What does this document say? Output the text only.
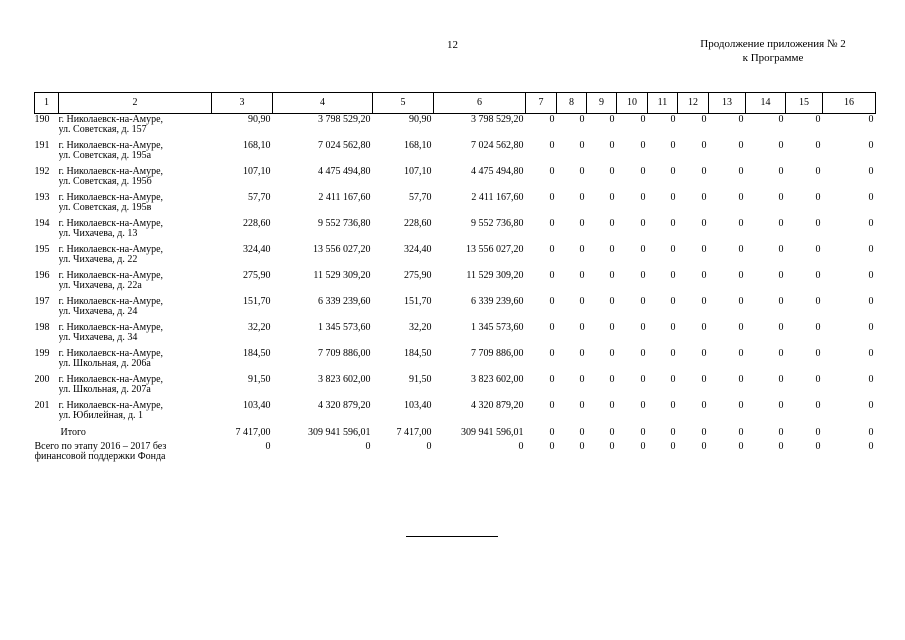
12	Продолжение приложения № 2
к Программе
1	2	3	4	5	6	7	8	9	10	11	12	13	14	15	16
190	г. Николаевск-на-Амуре,
ул. Советская, д. 157	90,90	3 798 529,20	90,90	3 798 529,20	0	0	0	0	0	0	0	0	0	0
191	г. Николаевск-на-Амуре,
ул. Советская, д. 195а	168,10	7 024 562,80	168,10	7 024 562,80	0	0	0	0	0	0	0	0	0	0
192	г. Николаевск-на-Амуре,
ул. Советская, д. 195б	107,10	4 475 494,80	107,10	4 475 494,80	0	0	0	0	0	0	0	0	0	0
193	г. Николаевск-на-Амуре,
ул. Советская, д. 195в	57,70	2 411 167,60	57,70	2 411 167,60	0	0	0	0	0	0	0	0	0	0
194	г. Николаевск-на-Амуре,
ул. Чихачева, д. 13	228,60	9 552 736,80	228,60	9 552 736,80	0	0	0	0	0	0	0	0	0	0
195	г. Николаевск-на-Амуре,
ул. Чихачева, д. 22	324,40	13 556 027,20	324,40	13 556 027,20	0	0	0	0	0	0	0	0	0	0
196	г. Николаевск-на-Амуре,
ул. Чихачева, д. 22а	275,90	11 529 309,20	275,90	11 529 309,20	0	0	0	0	0	0	0	0	0	0
197	г. Николаевск-на-Амуре,
ул. Чихачева, д. 24	151,70	6 339 239,60	151,70	6 339 239,60	0	0	0	0	0	0	0	0	0	0
198	г. Николаевск-на-Амуре,
ул. Чихачева, д. 34	32,20	1 345 573,60	32,20	1 345 573,60	0	0	0	0	0	0	0	0	0	0
199	г. Николаевск-на-Амуре,
ул. Школьная, д. 206а	184,50	7 709 886,00	184,50	7 709 886,00	0	0	0	0	0	0	0	0	0	0
200	г. Николаевск-на-Амуре,
ул. Школьная, д. 207а	91,50	3 823 602,00	91,50	3 823 602,00	0	0	0	0	0	0	0	0	0	0
201	г. Николаевск-на-Амуре,
ул. Юбилейная, д. 1	103,40	4 320 879,20	103,40	4 320 879,20	0	0	0	0	0	0	0	0	0	0
Итого		7 417,00	309 941 596,01	7 417,00	309 941 596,01	0	0	0	0	0	0	0	0	0	0
Всего по этапу 2016 – 2017 без финансовой поддержки Фонда		0	0	0	0	0	0	0	0	0	0	0	0	0	0
